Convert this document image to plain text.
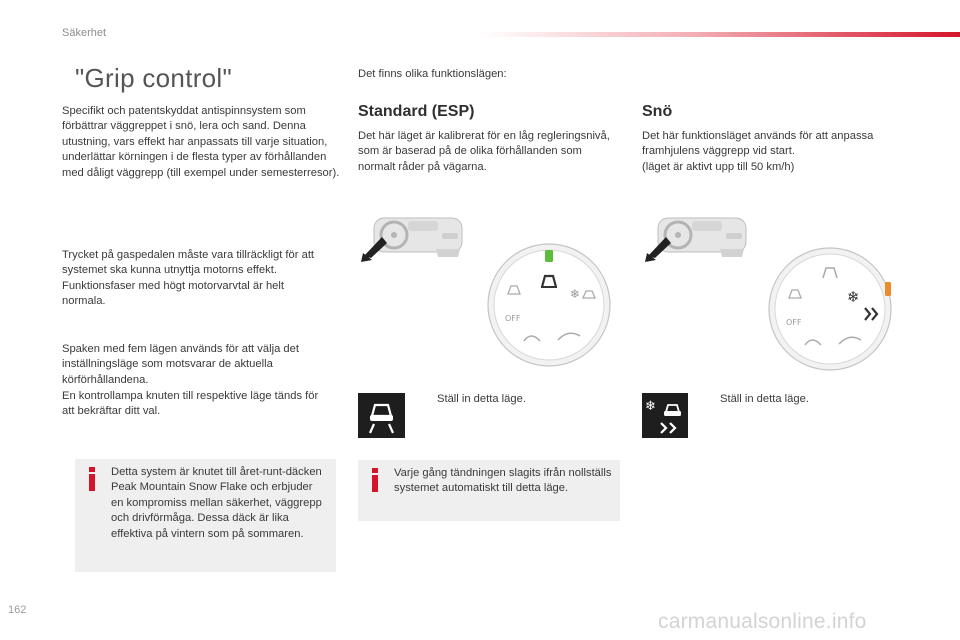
Säkerhet
"Grip control"

Specifikt och patentskyddat antispinnsystem som förbättrar väggreppet i snö, lera och sand. Denna utustning, vars effekt har anpassats till varje situation, underlättar körningen i de flesta typer av förhållanden med dåligt väggrepp (till exempel under semesterresor).

Trycket på gaspedalen måste vara tillräckligt för att systemet ska kunna utnyttja motorns effekt. Funktionsfaser med högt motorvarvtal är helt normala.

Spaken med fem lägen används för att välja det inställningsläge som motsvarar de aktuella körförhållandena.

En kontrollampa knuten till respektive läge tänds för att bekräftar ditt val.

Detta system är knutet till året-runt-däcken Peak Mountain Snow Flake och erbjuder en kompromiss mellan säkerhet, väggrepp och drivförmåga. Dessa däck är lika effektiva på vintern som på sommaren.
Det finns olika funktionslägen:
Standard (ESP)

Det här läget är kalibrerat för en låg regleringsnivå, som är baserad på de olika förhållanden som normalt råder på vägarna.

❄
OFF
Ställ in detta läge.
Varje gång tändningen slagits ifrån nollställs systemet automatiskt till detta läge.
Snö

Det här funktionsläget används för att anpassa framhjulens väggrepp vid start.

(läget är aktivt upp till 50 km/h)

❄
OFF
❄	Ställ in detta läge.
162	carmanualsonline.info
